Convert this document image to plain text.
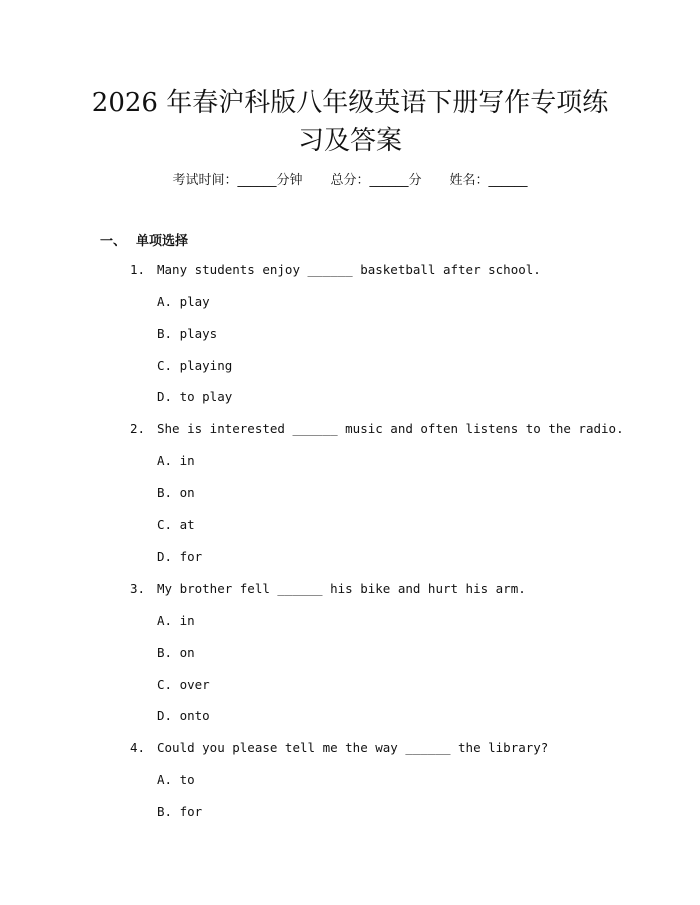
2026 年春沪科版八年级英语下册写作专项练
习及答案
考试时间：______分钟 总分：______分 姓名：______
一、 单项选择
1. Many students enjoy ______ basketball after school.
A. play
B. plays
C. playing
D. to play
2. She is interested ______ music and often listens to the radio.
A. in
B. on
C. at
D. for
3. My brother fell ______ his bike and hurt his arm.
A. in
B. on
C. over
D. onto
4. Could you please tell me the way ______ the library?
A. to
B. for
